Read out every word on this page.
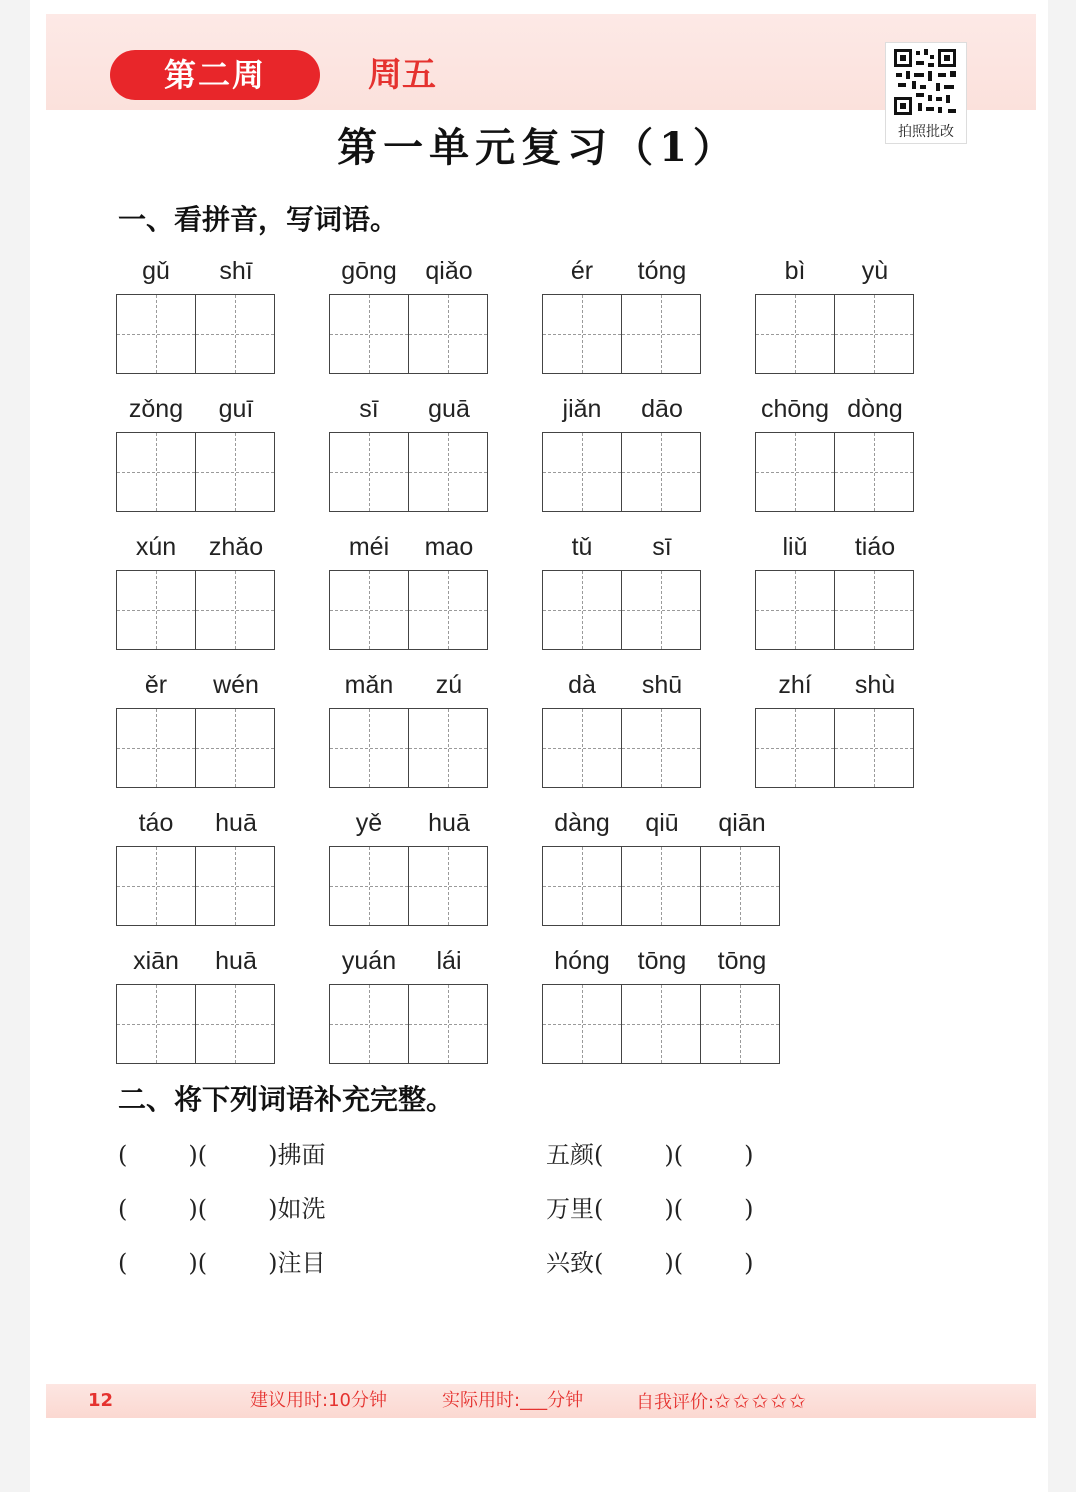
第二周	周五
拍照批改
第一单元复习（1）
一、看拼音，写词语。
gǔ	shī	gōng	qiǎo	ér	tóng	bì	yù
zǒng	guī	sī	guā	jiǎn	dāo	chōng dòng
xún	zhǎo	méi	mao	tǔ	sī	liǔ	tiáo
ěr	wén	mǎn	zú	dà	shū	zhí	shù
táo	huā	yě	huā	dàng	qiū	qiān
xiān	huā	yuán	lái	hóng	tōng	tōng
二、将下列词语补充完整。
(        )(        )拂面
(        )(        )如洗
(        )(        )注目
五颜(        )(        )
万里(        )(        )
兴致(        )(        )
12	建议用时:10分钟	实际用时:___分钟	自我评价:✩✩✩✩✩
